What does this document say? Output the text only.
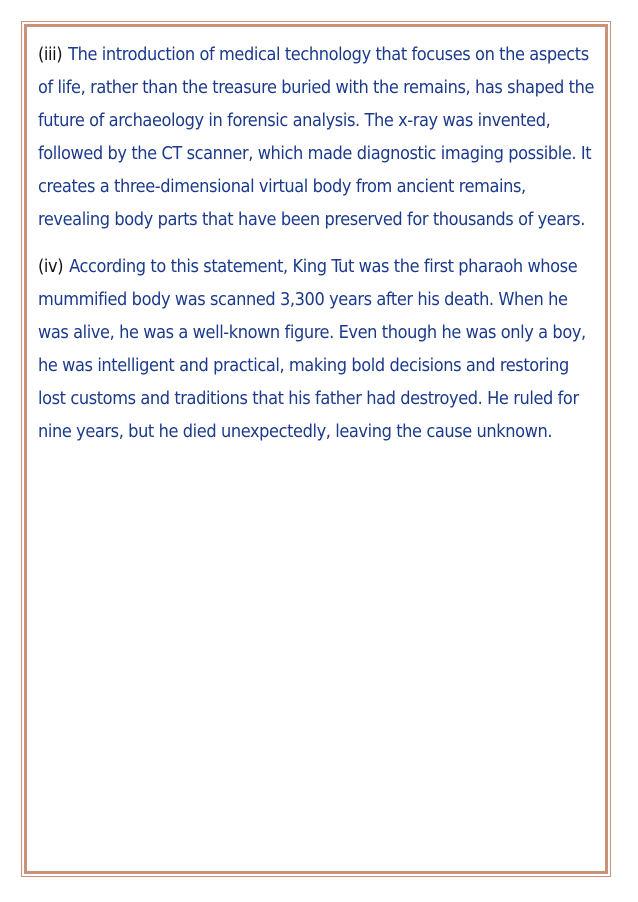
(iii) The introduction of medical technology that focuses on the aspects of life, rather than the treasure buried with the remains, has shaped the future of archaeology in forensic analysis. The x-ray was invented, followed by the CT scanner, which made diagnostic imaging possible. It creates a three-dimensional virtual body from ancient remains, revealing body parts that have been preserved for thousands of years.

(iv) According to this statement, King Tut was the first pharaoh whose mummified body was scanned 3,300 years after his death. When he was alive, he was a well-known figure. Even though he was only a boy, he was intelligent and practical, making bold decisions and restoring lost customs and traditions that his father had destroyed. He ruled for nine years, but he died unexpectedly, leaving the cause unknown.
